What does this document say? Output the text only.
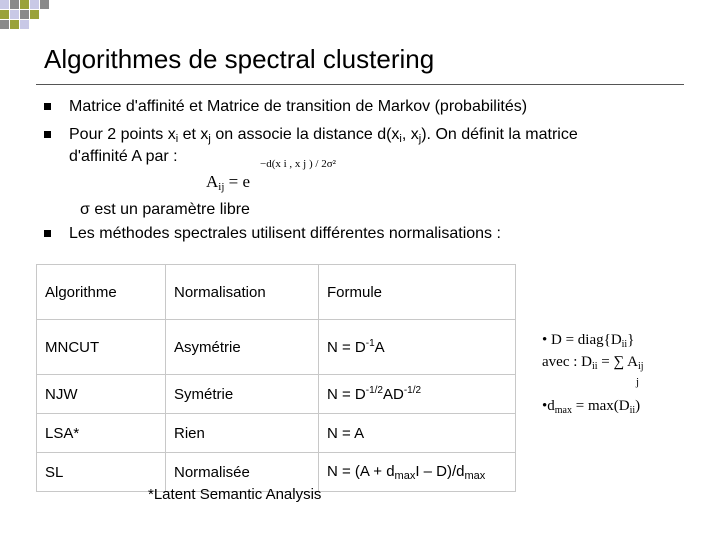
Algorithmes de spectral clustering
Matrice d'affinité et Matrice de transition de Markov (probabilités)
Pour 2 points $x_i$ et $x_j$ on associe la distance $d(x_i$, $x_j$). On définit la matrice
d'affinité A par :
$A_{ij} = e$
−d(x i , x j ) / 2σ²
σ est un paramètre libre
Les méthodes spectrales utilisent différentes normalisations :
Algorithme	Normalisation	Formule
MNCUT	Asymétrie	$N = D^{-1}A$
NJW	Symétrie	$N = D^{-1/2}AD^{-1/2}$
LSA*	Rien	N = A
SL	Normalisée	$N = (A + d_{max}I - D)/d_{max}$
*Latent Semantic Analysis
• $D = diag\{D_{ii}\}$
avec : $D_{ii}$ = ∑ $A_{ij}$
j
$•d_{max} = \max(D_{ii})$
